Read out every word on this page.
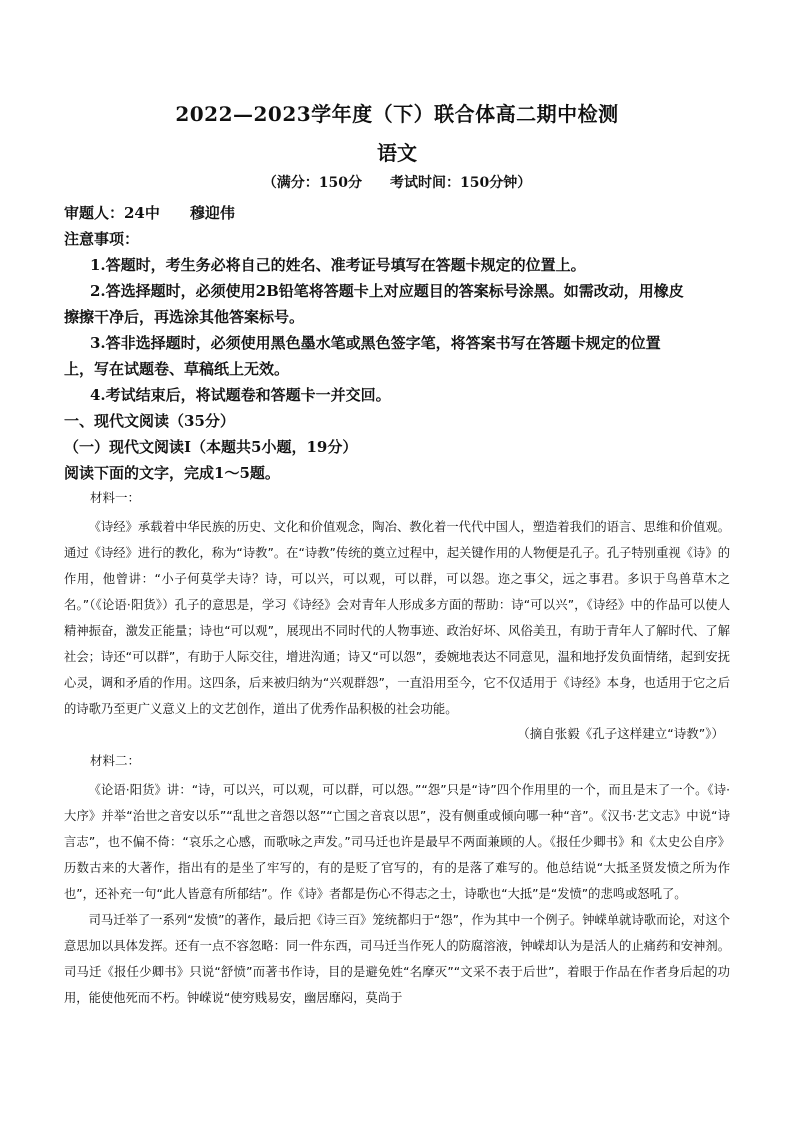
2022—2023学年度（下）联合体高二期中检测
语文
（满分：150分 考试时间：150分钟）
审题人：24中 穆迎伟
注意事项：
1.答题时，考生务必将自己的姓名、准考证号填写在答题卡规定的位置上。
2.答选择题时，必须使用2B铅笔将答题卡上对应题目的答案标号涂黑。如需改动，用橡皮
擦擦干净后，再选涂其他答案标号。
3.答非选择题时，必须使用黑色墨水笔或黑色签字笔，将答案书写在答题卡规定的位置
上，写在试题卷、草稿纸上无效。
4.考试结束后，将试题卷和答题卡一并交回。
一、现代文阅读（35分）
（一）现代文阅读Ⅰ（本题共5小题，19分）
阅读下面的文字，完成1～5题。
材料一：

《诗经》承载着中华民族的历史、文化和价值观念，陶冶、教化着一代代中国人，塑造着我们的语言、思维和价值观。通过《诗经》进行的教化，称为“诗教”。在“诗教”传统的奠立过程中，起关键作用的人物便是孔子。孔子特别重视《诗》的作用，他曾讲：“小子何莫学夫诗？诗，可以兴，可以观，可以群，可以怨。迩之事父，远之事君。多识于鸟兽草木之名。”（《论语·阳货》）孔子的意思是，学习《诗经》会对青年人形成多方面的帮助：诗“可以兴”，《诗经》中的作品可以使人精神振奋，激发正能量；诗也“可以观”，展现出不同时代的人物事迹、政治好坏、风俗美丑，有助于青年人了解时代、了解社会；诗还“可以群”，有助于人际交往，增进沟通；诗又“可以怨”，委婉地表达不同意见，温和地抒发负面情绪，起到安抚心灵，调和矛盾的作用。这四条，后来被归纳为“兴观群怨”，一直沿用至今，它不仅适用于《诗经》本身，也适用于它之后的诗歌乃至更广义意义上的文艺创作，道出了优秀作品积极的社会功能。

（摘自张毅《孔子这样建立“诗教”》）
材料二：

《论语·阳货》讲：“诗，可以兴，可以观，可以群，可以怨。”“怨”只是“诗”四个作用里的一个，而且是末了一个。《诗·大序》并举“治世之音安以乐”“乱世之音怨以怒”“亡国之音哀以思”，没有侧重或倾向哪一种“音”。《汉书·艺文志》中说“诗言志”，也不偏不倚：“哀乐之心感，而歌咏之声发。”司马迁也许是最早不两面兼顾的人。《报任少卿书》和《太史公自序》历数古来的大著作，指出有的是坐了牢写的，有的是贬了官写的，有的是落了难写的。他总结说“大抵圣贤发愤之所为作也”，还补充一句“此人皆意有所郁结”。作《诗》者都是伤心不得志之士，诗歌也“大抵”是“发愤”的悲鸣或怒吼了。

司马迁举了一系列“发愤”的著作，最后把《诗三百》笼统都归于“怨”，作为其中一个例子。钟嵘单就诗歌而论，对这个意思加以具体发挥。还有一点不容忽略：同一件东西，司马迁当作死人的防腐溶液，钟嵘却认为是活人的止痛药和安神剂。司马迁《报任少卿书》只说“舒愤”而著书作诗，目的是避免姓“名摩灭”“文采不表于后世”，着眼于作品在作者身后起的功用，能使他死而不朽。钟嵘说“使穷贱易安，幽居靡闷，莫尚于
